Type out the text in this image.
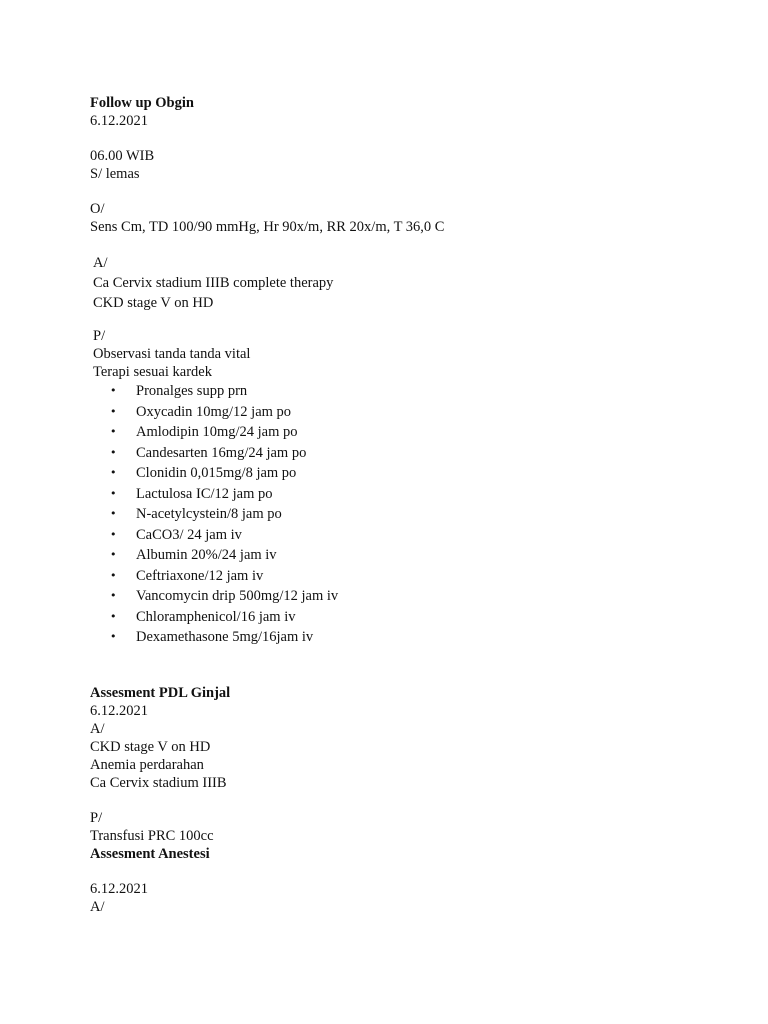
Follow up Obgin
6.12.2021
06.00 WIB
S/ lemas
O/
Sens Cm, TD 100/90 mmHg, Hr 90x/m, RR 20x/m, T 36,0 C
A/
Ca Cervix stadium IIIB complete therapy
CKD stage V on HD
P/
Observasi tanda tanda vital
Terapi sesuai kardek
• Pronalges supp prn
• Oxycadin 10mg/12 jam po
• Amlodipin 10mg/24 jam po
• Candesarten 16mg/24 jam po
• Clonidin 0,015mg/8 jam po
• Lactulosa IC/12 jam po
• N-acetylcystein/8 jam po
• CaCO3/ 24 jam iv
• Albumin 20%/24 jam iv
• Ceftriaxone/12 jam iv
• Vancomycin drip 500mg/12 jam iv
• Chloramphenicol/16 jam iv
• Dexamethasone 5mg/16jam iv
Assesment PDL Ginjal
6.12.2021
A/
CKD stage V on HD
Anemia perdarahan
Ca Cervix stadium IIIB
P/
Transfusi PRC 100cc
Assesment Anestesi
6.12.2021
A/
